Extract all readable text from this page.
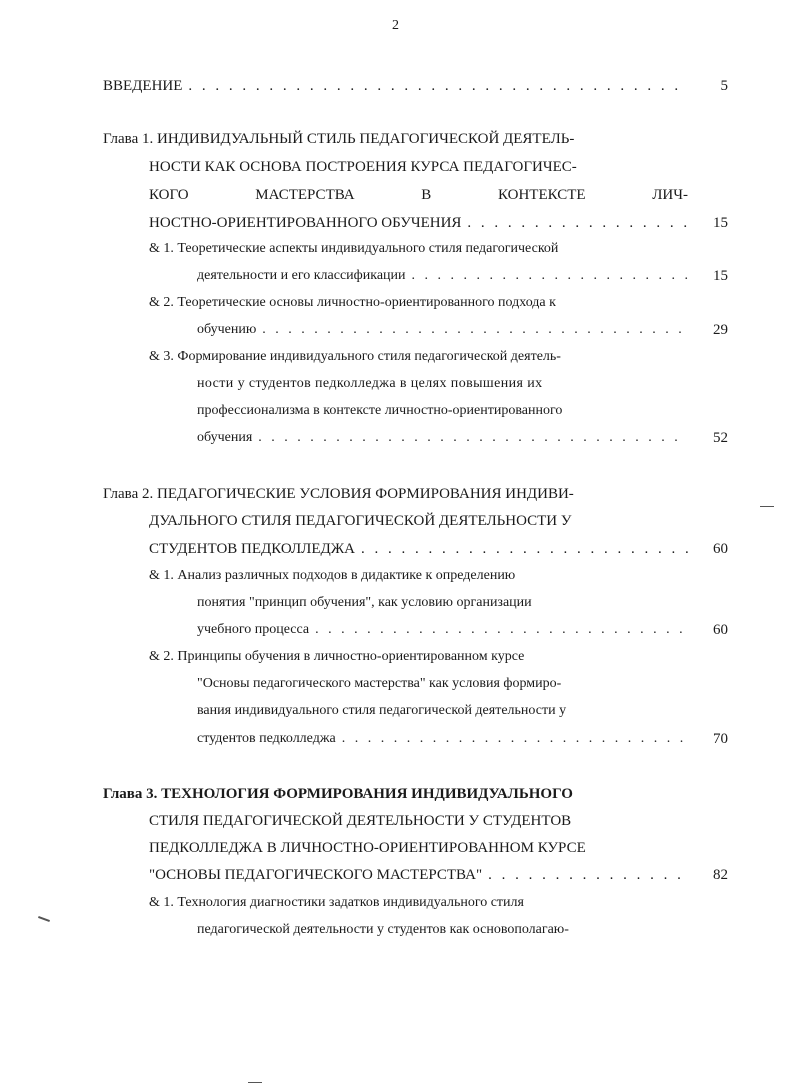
2
ВВЕДЕНИЕ . . .	5
Глава 1. ИНДИВИДУАЛЬНЫЙ СТИЛЬ ПЕДАГОГИЧЕСКОЙ ДЕЯТЕЛЬ-
НОСТИ КАК ОСНОВА ПОСТРОЕНИЯ КУРСА ПЕДАГОГИЧЕС-
КОГО	МАСТЕРСТВА	В	КОНТЕКСТЕ	ЛИЧ-
НОСТНО-ОРИЕНТИРОВАННОГО ОБУЧЕНИЯ . . .	15
& 1. Теоретические аспекты индивидуального стиля педагогической
деятельности и его классификации . . .	15
& 2. Теоретические основы личностно-ориентированного подхода к
обучению . . .	29
& 3. Формирование индивидуального стиля педагогической деятель-
ности у студентов педколледжа в целях повышения их
профессионализма в контексте личностно-ориентированного
обучения . . .	52
Глава 2. ПЕДАГОГИЧЕСКИЕ УСЛОВИЯ ФОРМИРОВАНИЯ ИНДИВИ-
ДУАЛЬНОГО СТИЛЯ ПЕДАГОГИЧЕСКОЙ ДЕЯТЕЛЬНОСТИ У
СТУДЕНТОВ ПЕДКОЛЛЕДЖА . . .	60
& 1. Анализ различных подходов в дидактике к определению
понятия "принцип обучения", как условию организации
учебного процесса . . .	60
& 2. Принципы обучения в личностно-ориентированном курсе
"Основы педагогического мастерства" как условия формиро-
вания индивидуального стиля педагогической деятельности у
студентов педколледжа . . .	70
Глава 3. ТЕХНОЛОГИЯ ФОРМИРОВАНИЯ ИНДИВИДУАЛЬНОГО
СТИЛЯ ПЕДАГОГИЧЕСКОЙ ДЕЯТЕЛЬНОСТИ У СТУДЕНТОВ
ПЕДКОЛЛЕДЖА В ЛИЧНОСТНО-ОРИЕНТИРОВАННОМ КУРСЕ
"ОСНОВЫ ПЕДАГОГИЧЕСКОГО МАСТЕРСТВА" . . .	82
& 1. Технология диагностики задатков индивидуального стиля
педагогической деятельности у студентов как основополагаю-
